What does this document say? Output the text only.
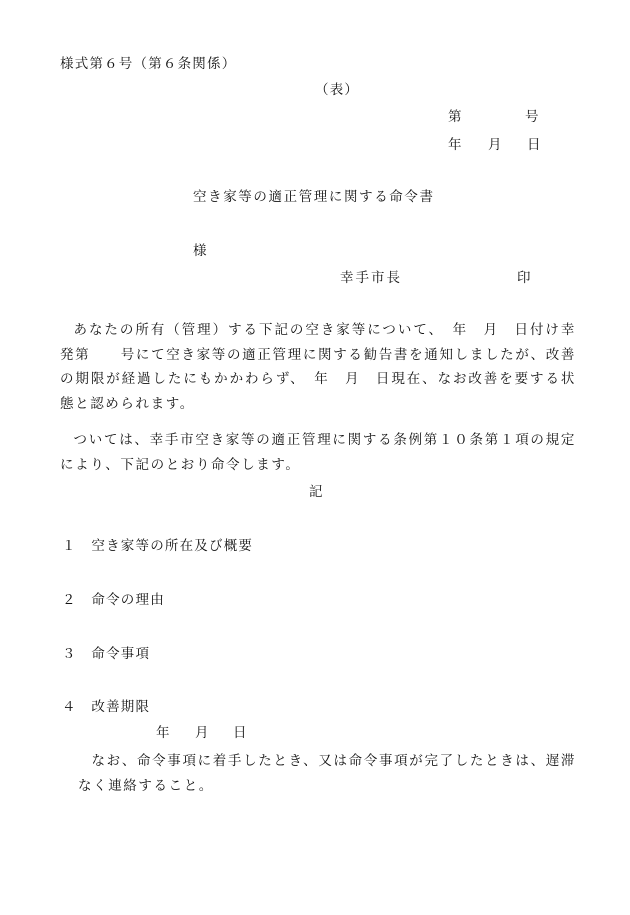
様式第６号（第６条関係）
（表）
第	号
年 月 日
空き家等の適正管理に関する命令書
様
幸手市長	印
あなたの所有（管理）する下記の空き家等について、　年　月　日付け幸発第　　号にて空き家等の適正管理に関する勧告書を通知しましたが、改善の期限が経過したにもかかわらず、　年　月　日現在、なお改善を要する状態と認められます。
ついては、幸手市空き家等の適正管理に関する条例第１０条第１項の規定により、下記のとおり命令します。
記
１　空き家等の所在及び概要
２　命令の理由
３　命令事項
４　改善期限
年 月 日
なお、命令事項に着手したとき、又は命令事項が完了したときは、遅滞なく連絡すること。
